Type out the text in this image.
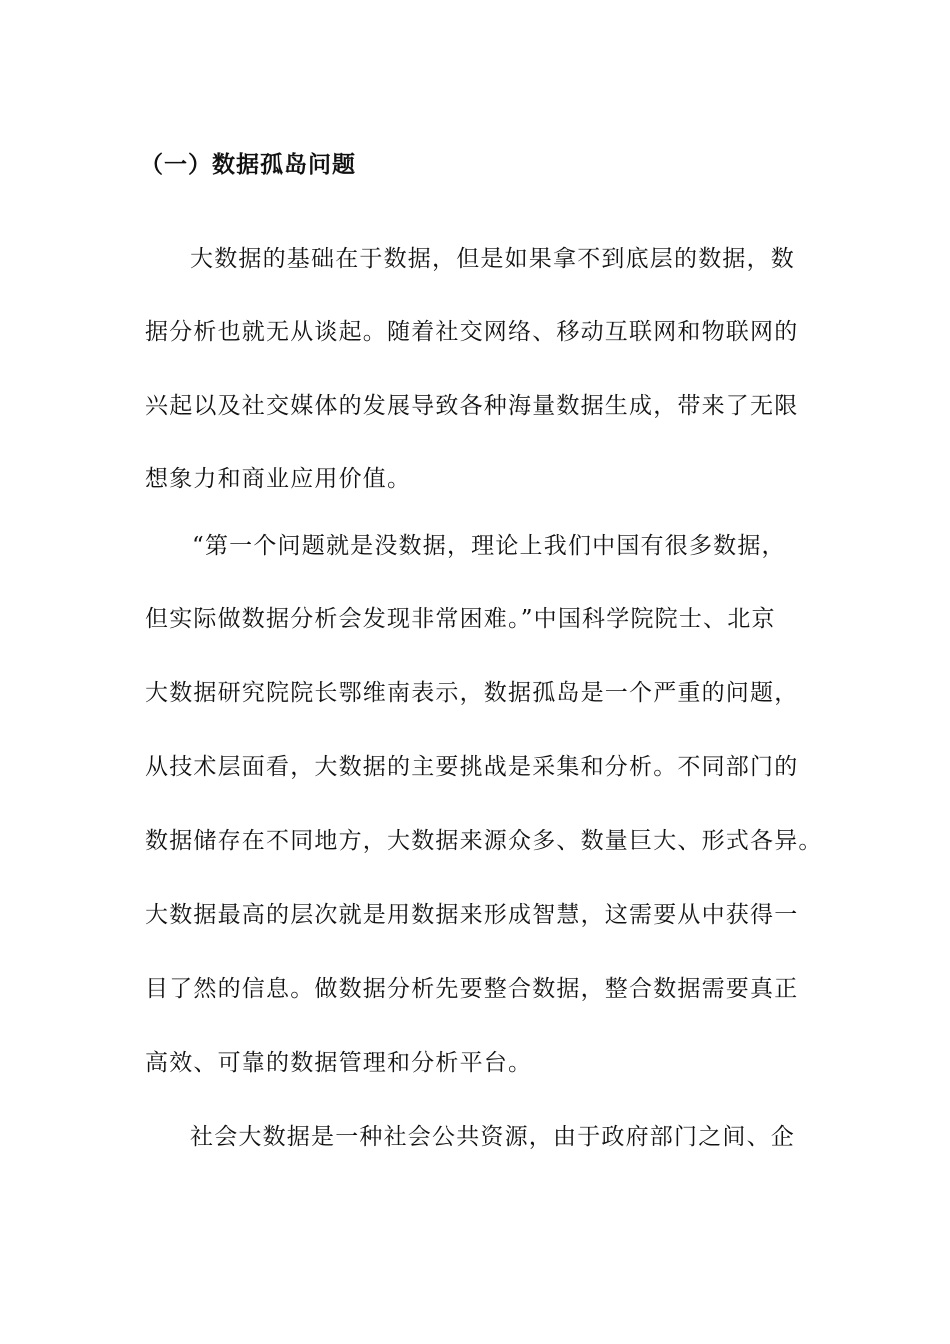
（一）数据孤岛问题
大数据的基础在于数据，但是如果拿不到底层的数据，数
据分析也就无从谈起。随着社交网络、移动互联网和物联网的
兴起以及社交媒体的发展导致各种海量数据生成，带来了无限
想象力和商业应用价值。
“第一个问题就是没数据，理论上我们中国有很多数据，
但实际做数据分析会发现非常困难。”中国科学院院士、北京
大数据研究院院长鄂维南表示，数据孤岛是一个严重的问题，
从技术层面看，大数据的主要挑战是采集和分析。不同部门的
数据储存在不同地方，大数据来源众多、数量巨大、形式各异。
大数据最高的层次就是用数据来形成智慧，这需要从中获得一
目了然的信息。做数据分析先要整合数据，整合数据需要真正
高效、可靠的数据管理和分析平台。
社会大数据是一种社会公共资源，由于政府部门之间、企
